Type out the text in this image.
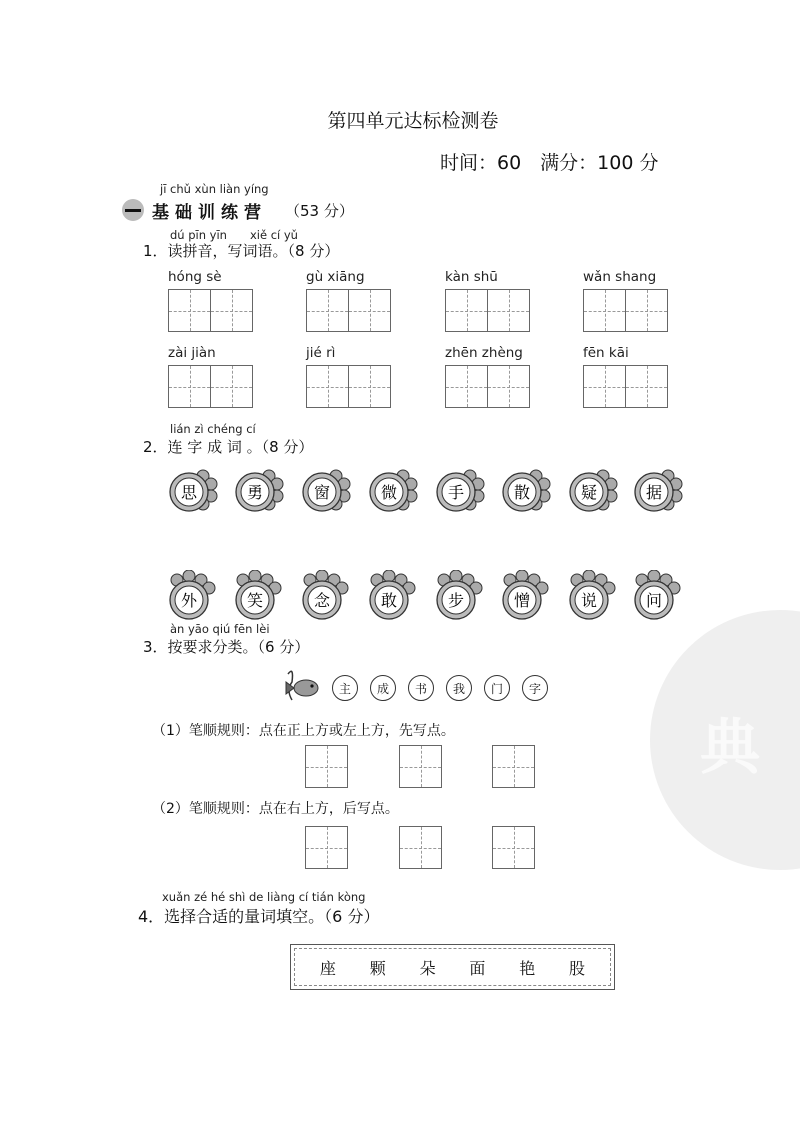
典
第四单元达标检测卷
时间：60　满分：100 分
jī chǔ xùn liàn yíng
基础训练营 （53 分）
dú pīn yīn　　xiě cí yǔ
1．读拼音，写词语。（8 分）
lián zì chéng cí
2．连 字 成 词 。（8 分）
思	勇	窗	微	手	散	疑	据
外	笑	念	敢	步	憎	说	问
àn yāo qiú fēn lèi
3．按要求分类。（6 分）
主	成	书	我	门	字
（1）笔顺规则：点在正上方或左上方，先写点。
（2）笔顺规则：点在右上方，后写点。
xuǎn zé hé shì de liàng cí tián kòng
4．选择合适的量词填空。（6 分）
座 颗 朵 面 艳 股
hóng sè	gù xiāng	kàn shū	wǎn shang
zài jiàn	jié rì	zhēn zhèng	fēn kāi
